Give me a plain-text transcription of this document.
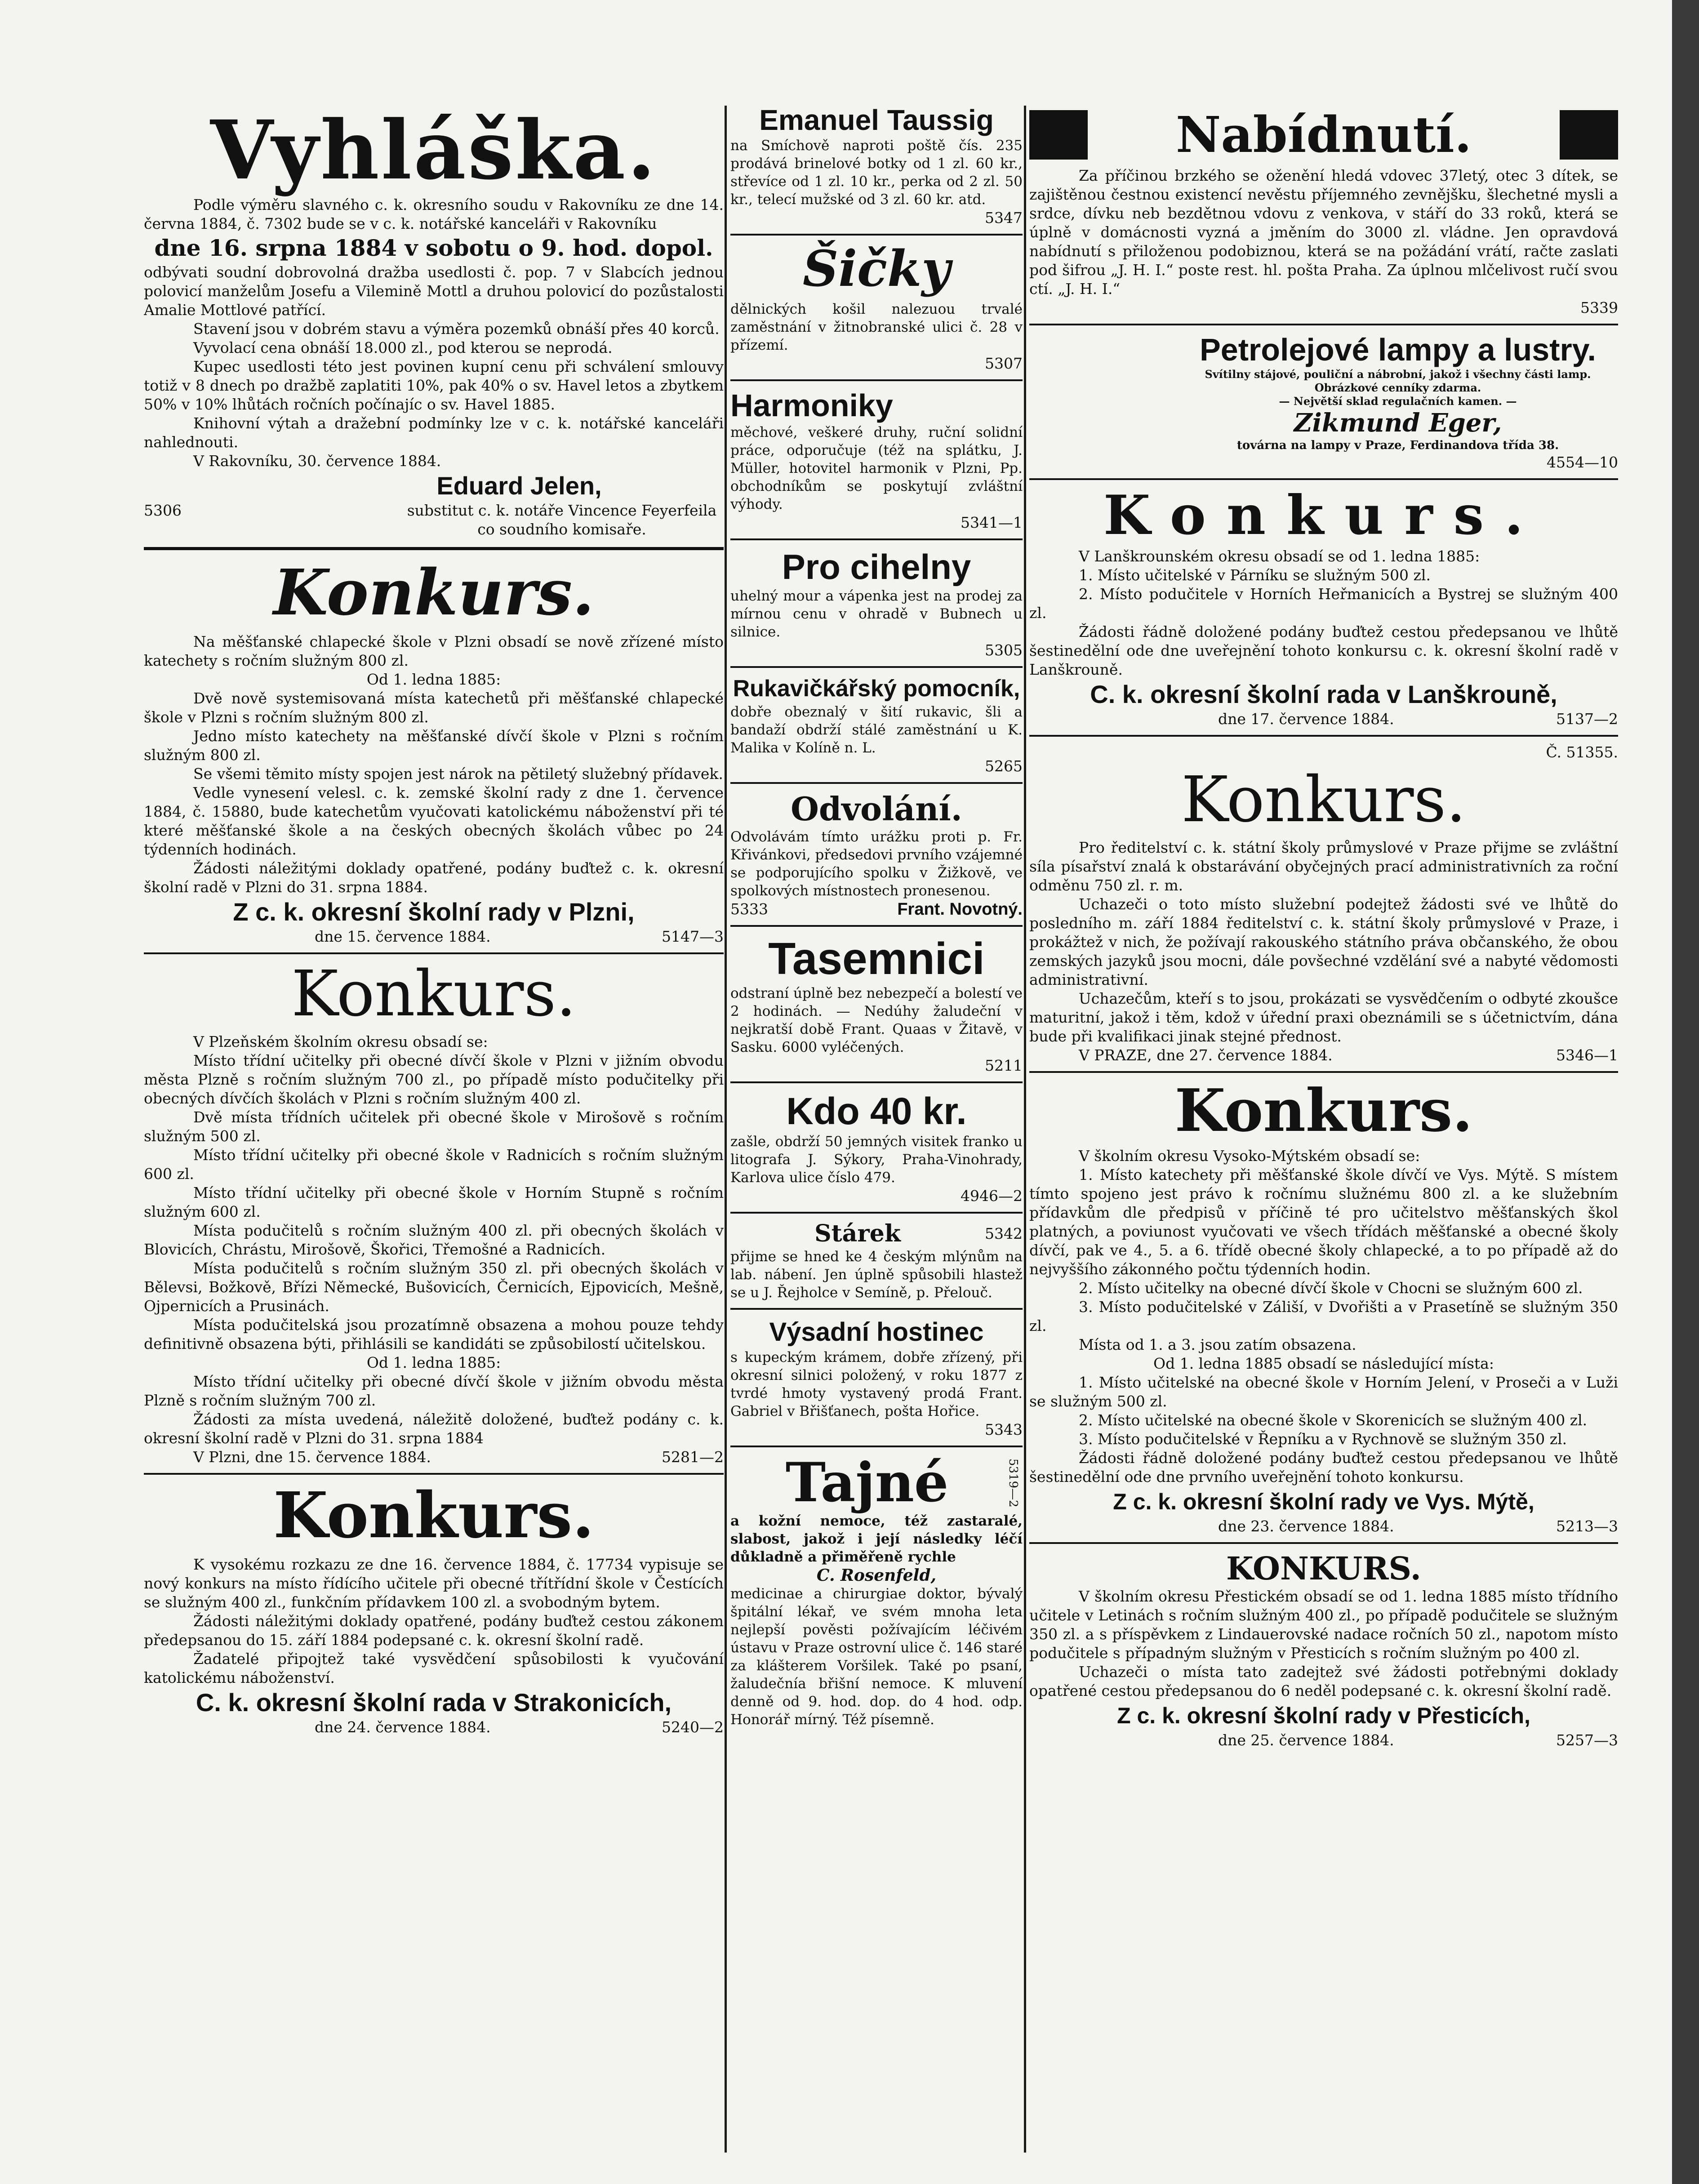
Vyhláška.

Podle výměru slavného c. k. okresního soudu v Rakovníku ze dne 14. června 1884, č. 7302 bude se v c. k. notářské kanceláři v Rakovníku

dne 16. srpna 1884 v sobotu o 9. hod. dopol.

odbývati soudní dobrovolná dražba usedlosti č. pop. 7 v Slabcích jednou polovicí manželům Josefu a Vilemině Mottl a druhou polovicí do pozůstalosti Amalie Mottlové patřící.

Stavení jsou v dobrém stavu a výměra pozemků obnáší přes 40 korců.

Vyvolací cena obnáší 18.000 zl., pod kterou se neprodá.

Kupec usedlosti této jest povinen kupní cenu při schválení smlouvy totiž v 8 dnech po dražbě zaplatiti 10%, pak 40% o sv. Havel letos a zbytkem 50% v 10% lhůtách ročních počínajíc o sv. Havel 1885.

Knihovní výtah a dražební podmínky lze v c. k. notářské kanceláři nahlednouti.

V Rakovníku, 30. července 1884.

Eduard Jelen,
5306	substitut c. k. notáře Vincence Feyerfeila co soudního komisaře.
Konkurs.

Na měšťanské chlapecké škole v Plzni obsadí se nově zřízené místo katechety s ročním služným 800 zl.

Od 1. ledna 1885:

Dvě nově systemisovaná místa katechetů při měšťanské chlapecké škole v Plzni s ročním služným 800 zl.

Jedno místo katechety na měšťanské dívčí škole v Plzni s ročním služným 800 zl.

Se všemi těmito místy spojen jest nárok na pětiletý služebný přídavek.

Vedle vynesení velesl. c. k. zemské školní rady z dne 1. července 1884, č. 15880, bude katechetům vyučovati katolickému náboženství při té které měšťanské škole a na českých obecných školách vůbec po 24 týdenních hodinách.

Žádosti náležitými doklady opatřené, podány buďtež c. k. okresní školní radě v Plzni do 31. srpna 1884.

Z c. k. okresní školní rady v Plzni,
dne 15. července 1884.	5147—3
Konkurs.

V Plzeňském školním okresu obsadí se:

Místo třídní učitelky při obecné dívčí škole v Plzni v jižním obvodu města Plzně s ročním služným 700 zl., po případě místo podučitelky při obecných dívčích školách v Plzni s ročním služným 400 zl.

Dvě místa třídních učitelek při obecné škole v Mirošově s ročním služným 500 zl.

Místo třídní učitelky při obecné škole v Radnicích s ročním služným 600 zl.

Místo třídní učitelky při obecné škole v Horním Stupně s ročním služným 600 zl.

Místa podučitelů s ročním služným 400 zl. při obecných školách v Blovicích, Chrástu, Mirošově, Škořici, Třemošné a Radnicích.

Místa podučitelů s ročním služným 350 zl. při obecných školách v Bělevsi, Božkově, Břízi Německé, Bušovicích, Černicích, Ejpovicích, Mešně, Ojpernicích a Prusinách.

Místa podučitelská jsou prozatímně obsazena a mohou pouze tehdy definitivně obsazena býti, přihlásili se kandidáti se způsobilostí učitelskou.

Od 1. ledna 1885:

Místo třídní učitelky při obecné dívčí škole v jižním obvodu města Plzně s ročním služným 700 zl.

Žádosti za místa uvedená, náležitě doložené, buďtež podány c. k. okresní školní radě v Plzni do 31. srpna 1884

V Plzni, dne 15. července 1884.	5281—2
Konkurs.

K vysokému rozkazu ze dne 16. července 1884, č. 17734 vypisuje se nový konkurs na místo řídícího učitele při obecné třítřídní škole v Čestících se služným 400 zl., funkčním přídavkem 100 zl. a svobodným bytem.

Žádosti náležitými doklady opatřené, podány buďtež cestou zákonem předepsanou do 15. září 1884 podepsané c. k. okresní školní radě.

Žadatelé připojtež také vysvědčení spůsobilosti k vyučování katolickému náboženství.

C. k. okresní školní rada v Strakonicích,
dne 24. července 1884.	5240—2
Emanuel Taussig

na Smíchově naproti poště čís. 235 prodává brinelové botky od 1 zl. 60 kr., střevíce od 1 zl. 10 kr., perka od 2 zl. 50 kr., telecí mužské od 3 zl. 60 kr. atd.

5347

Šičky

dělnických košil nalezuou trvalé zaměstnání v žitnobranské ulici č. 28 v přízemí.

5307

Harmoniky

měchové, veškeré druhy, ruční solidní práce, odporučuje (též na splátku, J. Müller, hotovitel harmonik v Plzni, Pp. obchodníkům se poskytují zvláštní výhody.

5341—1

Pro cihelny

uhelný mour a vápenka jest na prodej za mírnou cenu v ohradě v Bubnech u silnice.

5305

Rukavičkářský pomocník,

dobře obeznalý v šití rukavic, šli a bandaží obdrží stálé zaměstnání u K. Malika v Kolíně n. L.

5265

Odvolání.

Odvolávám tímto urážku proti p. Fr. Křivánkovi, předsedovi prvního vzájemné se podporujícího spolku v Žižkově, ve spolkových místnostech pronesenou.

5333	Frant. Novotný.
Tasemnici

odstraní úplně bez nebezpečí a bolestí ve 2 hodinách. — Nedúhy žaludeční v nejkratší době Frant. Quaas v Žitavě, v Sasku. 6000 vyléčených.

5211

Kdo 40 kr.

zašle, obdrží 50 jemných visitek franko u litografa J. Sýkory, Praha-Vinohrady, Karlova ulice číslo 479.

4946—2

Stárek	5342

přijme se hned ke 4 českým mlýnům na lab. nábení. Jen úplně spůsobili hlastež se u J. Řejholce v Semíně, p. Přelouč.

Výsadní hostinec

s kupeckým krámem, dobře zřízený, při okresní silnici položený, v roku 1877 z tvrdé hmoty vystavený prodá Frant. Gabriel v Břišťanech, pošta Hořice.

5343

Tajné	5319—2

a kožní nemoce, též zastaralé, slabost, jakož i její následky léčí důkladně a přiměřeně rychle

C. Rosenfeld,

medicinae a chirurgiae doktor, bývalý špitální lékař, ve svém mnoha leta nejlepší pověsti požívajícím léčivém ústavu v Praze ostrovní ulice č. 146 staré za klášterem Voršilek. Také po psaní, žaludečnía břišní nemoce. K mluvení denně od 9. hod. dop. do 4 hod. odp. Honorář mírný. Též písemně.

Nabídnutí.

Za příčinou brzkého se oženění hledá vdovec 37letý, otec 3 dítek, se zajištěnou čestnou existencí nevěstu příjemného zevnějšku, šlechetné mysli a srdce, dívku neb bezdětnou vdovu z venkova, v stáří do 33 roků, která se úplně v domácnosti vyzná a jměním do 3000 zl. vládne. Jen opravdová nabídnutí s přiloženou podobiznou, která se na požádání vrátí, račte zaslati pod šifrou „J. H. I.“ poste rest. hl. pošta Praha. Za úplnou mlčelivost ručí svou ctí. „J. H. I.“

5339

Petrolejové lampy a lustry.

Svítilny stájové, pouliční a nábrobní, jakož i všechny části lamp. Obrázkové cenníky zdarma.

— Největší sklad regulačních kamen. —

Zikmund Eger,

továrna na lampy v Praze, Ferdinandova třída 38.

4554—10

Konkurs.

V Lanškrounském okresu obsadí se od 1. ledna 1885:

1. Místo učitelské v Párníku se služným 500 zl.

2. Místo podučitele v Horních Heřmanicích a Bystrej se služným 400 zl.

Žádosti řádně doložené podány buďtež cestou předepsanou ve lhůtě šestinedělní ode dne uveřejnění tohoto konkursu c. k. okresní školní radě v Lanškrouně.

C. k. okresní školní rada v Lanškrouně,
dne 17. července 1884.	5137—2

Č. 51355.

Konkurs.

Pro ředitelství c. k. státní školy průmyslové v Praze přijme se zvláštní síla písařství znalá k obstarávání obyčejných prací administrativních za roční odměnu 750 zl. r. m.

Uchazeči o toto místo služební podejtež žádosti své ve lhůtě do posledního m. září 1884 ředitelství c. k. státní školy průmyslové v Praze, i prokážtež v nich, že požívají rakouského státního práva občanského, že obou zemských jazyků jsou mocni, dále povšechné vzdělání své a nabyté vědomosti administrativní.

Uchazečům, kteří s to jsou, prokázati se vysvědčením o odbyté zkoušce maturitní, jakož i těm, kdož v úřední praxi obeznámili se s účetnictvím, dána bude při kvalifikaci jinak stejné přednost.

V PRAZE, dne 27. července 1884.	5346—1
Konkurs.

V školním okresu Vysoko-Mýtském obsadí se:

1. Místo katechety při měšťanské škole dívčí ve Vys. Mýtě. S místem tímto spojeno jest právo k ročnímu služnému 800 zl. a ke služebním přídavkům dle předpisů v příčině té pro učitelstvo měšťanských škol platných, a poviunost vyučovati ve všech třídách měšťanské a obecné školy dívčí, pak ve 4., 5. a 6. třídě obecné školy chlapecké, a to po případě až do nejvyššího zákonného počtu týdenních hodin.

2. Místo učitelky na obecné dívčí škole v Chocni se služným 600 zl.

3. Místo podučitelské v Záliší, v Dvořišti a v Prasetíně se služným 350 zl.

Místa od 1. a 3. jsou zatím obsazena.

Od 1. ledna 1885 obsadí se následující místa:

1. Místo učitelské na obecné škole v Horním Jelení, v Proseči a v Luži se služným 500 zl.

2. Místo učitelské na obecné škole v Skorenicích se služným 400 zl.

3. Místo podučitelské v Řepníku a v Rychnově se služným 350 zl.

Žádosti řádně doložené podány buďtež cestou předepsanou ve lhůtě šestinedělní ode dne prvního uveřejnění tohoto konkursu.

Z c. k. okresní školní rady ve Vys. Mýtě,
dne 23. července 1884.	5213—3
KONKURS.

V školním okresu Přestickém obsadí se od 1. ledna 1885 místo třídního učitele v Letinách s ročním služným 400 zl., po případě podučitele se služným 350 zl. a s příspěvkem z Lindauerovské nadace ročních 50 zl., napotom místo podučitele s případným služným v Přesticích s ročním služným po 400 zl.

Uchazeči o místa tato zadejtež své žádosti potřebnými doklady opatřené cestou předepsanou do 6 neděl podepsané c. k. okresní školní radě.

Z c. k. okresní školní rady v Přesticích,
dne 25. července 1884.	5257—3
